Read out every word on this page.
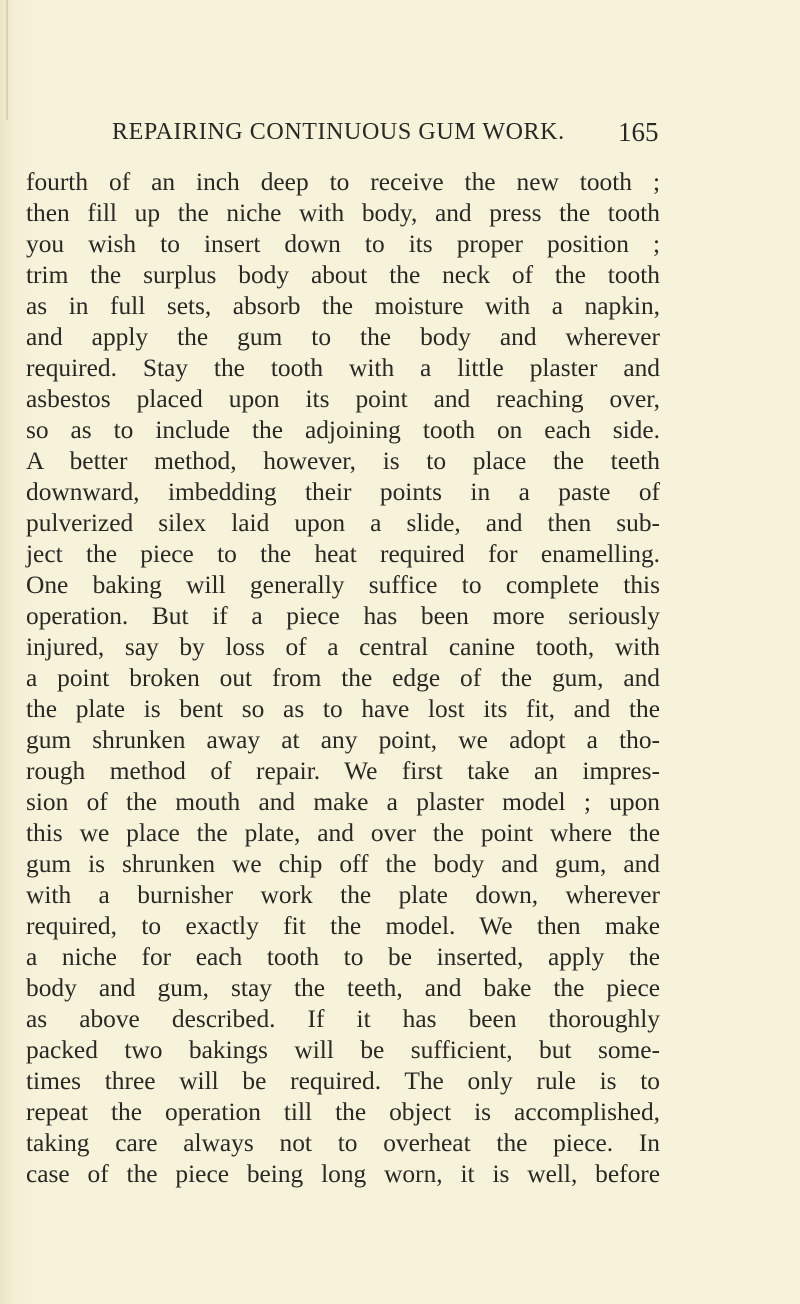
REPAIRING CONTINUOUS GUM WORK. 165
fourth of an inch deep to receive the new tooth ;
then fill up the niche with body, and press the tooth
you wish to insert down to its proper position ;
trim the surplus body about the neck of the tooth
as in full sets, absorb the moisture with a napkin,
and apply the gum to the body and wherever
required. Stay the tooth with a little plaster and
asbestos placed upon its point and reaching over,
so as to include the adjoining tooth on each side.
A better method, however, is to place the teeth
downward, imbedding their points in a paste of
pulverized silex laid upon a slide, and then sub-
ject the piece to the heat required for enamelling.
One baking will generally suffice to complete this
operation. But if a piece has been more seriously
injured, say by loss of a central canine tooth, with
a point broken out from the edge of the gum, and
the plate is bent so as to have lost its fit, and the
gum shrunken away at any point, we adopt a tho-
rough method of repair. We first take an impres-
sion of the mouth and make a plaster model ; upon
this we place the plate, and over the point where the
gum is shrunken we chip off the body and gum, and
with a burnisher work the plate down, wherever
required, to exactly fit the model. We then make
a niche for each tooth to be inserted, apply the
body and gum, stay the teeth, and bake the piece
as above described. If it has been thoroughly
packed two bakings will be sufficient, but some-
times three will be required. The only rule is to
repeat the operation till the object is accomplished,
taking care always not to overheat the piece. In
case of the piece being long worn, it is well, before
